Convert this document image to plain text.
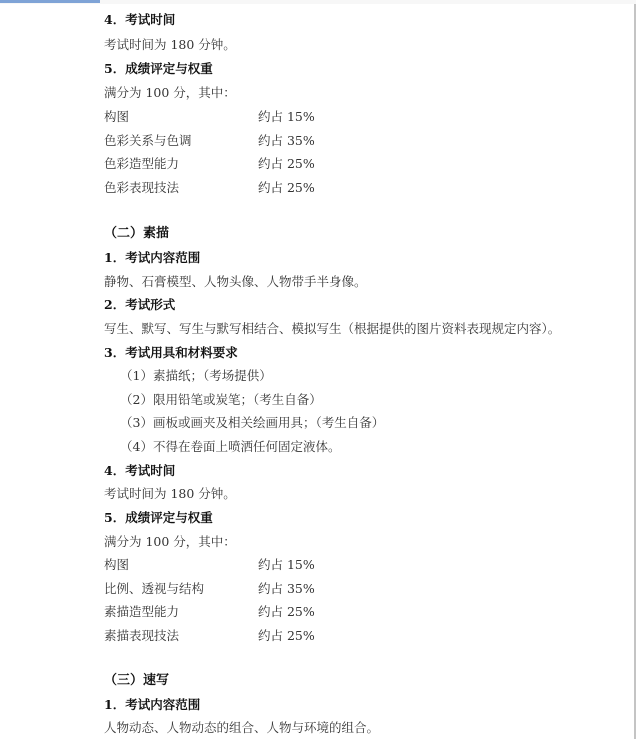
4．考试时间
考试时间为 180 分钟。
5．成绩评定与权重
满分为 100 分，其中：
构图	约占 15%
色彩关系与色调	约占 35%
色彩造型能力	约占 25%
色彩表现技法	约占 25%
（二）素描
1．考试内容范围
静物、石膏模型、人物头像、人物带手半身像。
2．考试形式
写生、默写、写生与默写相结合、模拟写生（根据提供的图片资料表现规定内容）。
3．考试用具和材料要求
（1）素描纸；（考场提供）
（2）限用铅笔或炭笔；（考生自备）
（3）画板或画夹及相关绘画用具；（考生自备）
（4）不得在卷面上喷洒任何固定液体。
4．考试时间
考试时间为 180 分钟。
5．成绩评定与权重
满分为 100 分，其中：
构图	约占 15%
比例、透视与结构	约占 35%
素描造型能力	约占 25%
素描表现技法	约占 25%
（三）速写
1．考试内容范围
人物动态、人物动态的组合、人物与环境的组合。
